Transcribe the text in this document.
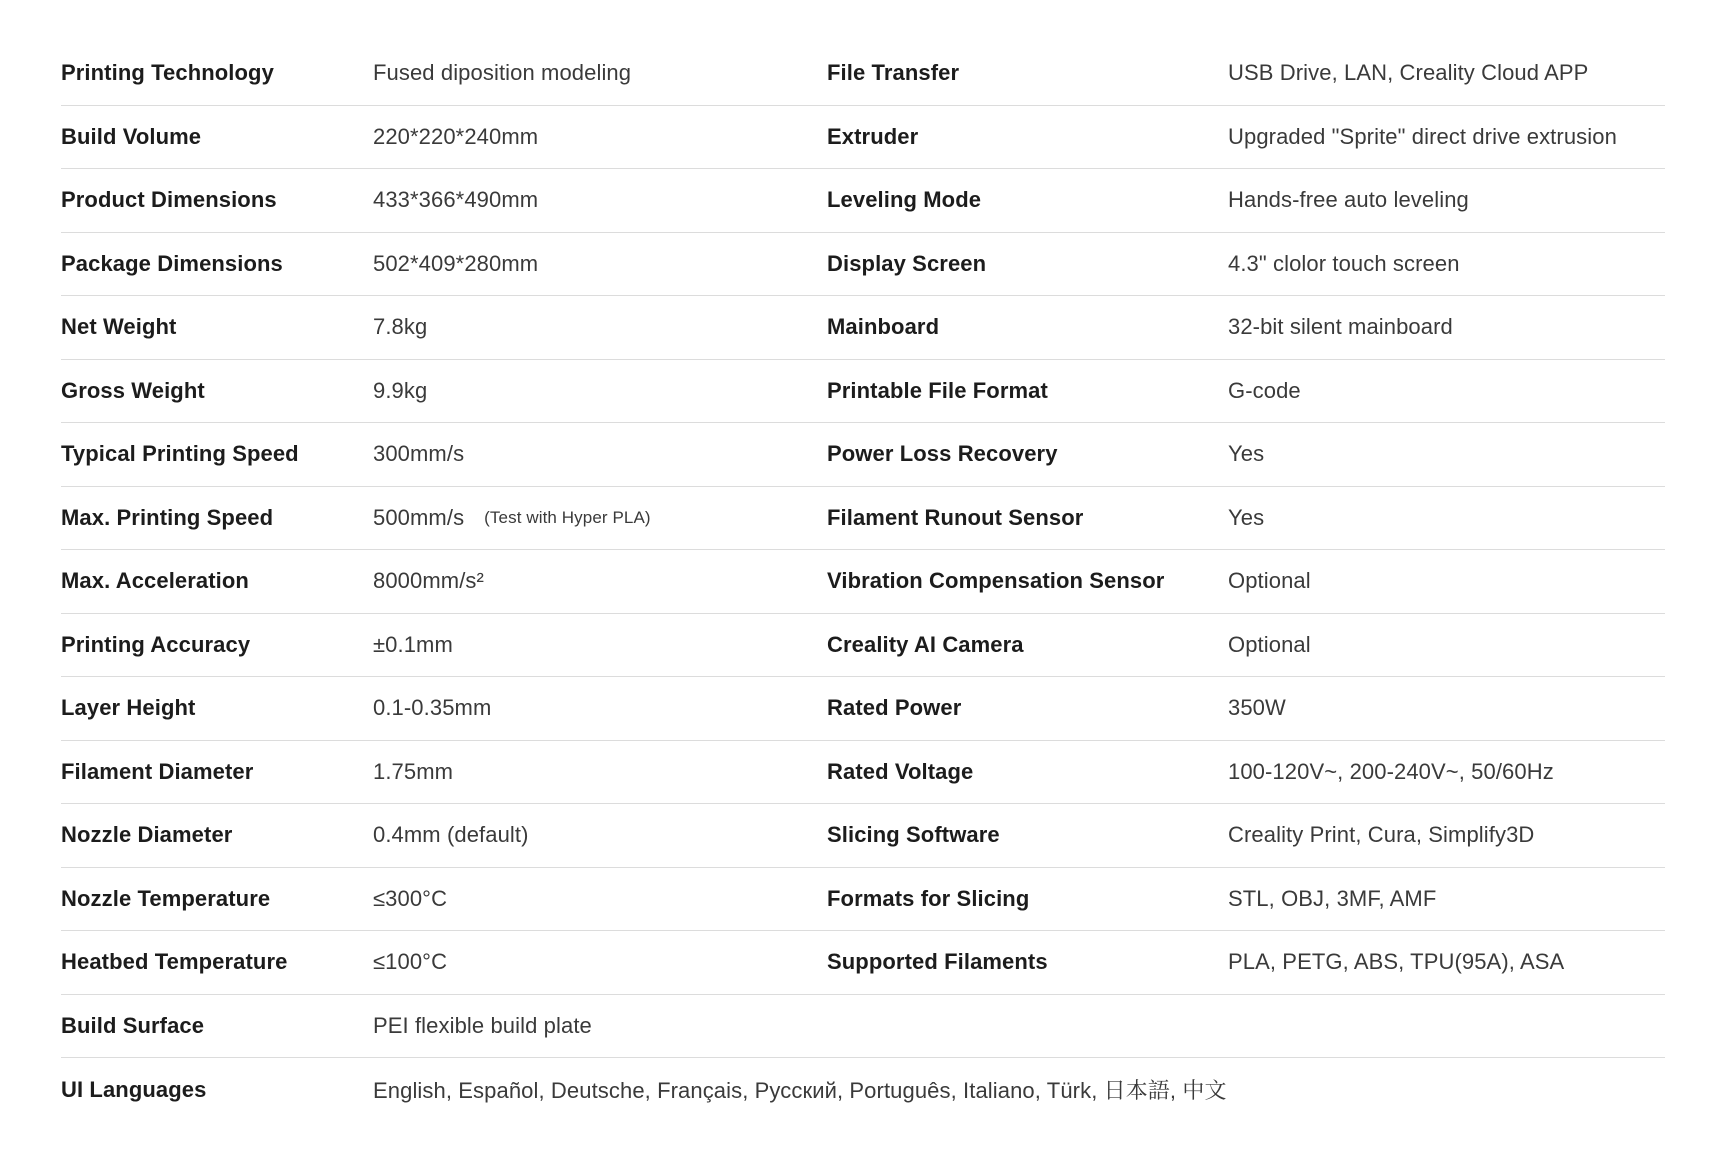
Printing Technology	Fused diposition modeling	File Transfer	USB Drive, LAN, Creality Cloud APP
Build Volume	220*220*240mm	Extruder	Upgraded "Sprite" direct drive extrusion
Product Dimensions	433*366*490mm	Leveling Mode	Hands-free auto leveling
Package Dimensions	502*409*280mm	Display Screen	4.3" clolor touch screen
Net Weight	7.8kg	Mainboard	32-bit silent mainboard
Gross Weight	9.9kg	Printable File Format	G-code
Typical Printing Speed	300mm/s	Power Loss Recovery	Yes
Max. Printing Speed	500mm/s (Test with Hyper PLA)	Filament Runout Sensor	Yes
Max. Acceleration	8000mm/s²	Vibration Compensation Sensor	Optional
Printing Accuracy	±0.1mm	Creality AI Camera	Optional
Layer Height	0.1-0.35mm	Rated Power	350W
Filament Diameter	1.75mm	Rated Voltage	100-120V~, 200-240V~, 50/60Hz
Nozzle Diameter	0.4mm (default)	Slicing Software	Creality Print, Cura, Simplify3D
Nozzle Temperature	≤300°C	Formats for Slicing	STL, OBJ, 3MF, AMF
Heatbed Temperature	≤100°C	Supported Filaments	PLA, PETG, ABS, TPU(95A), ASA
Build Surface	PEI flexible build plate
UI Languages	English, Español, Deutsche, Français, Русский, Português, Italiano, Türk, 日本語, 中文
